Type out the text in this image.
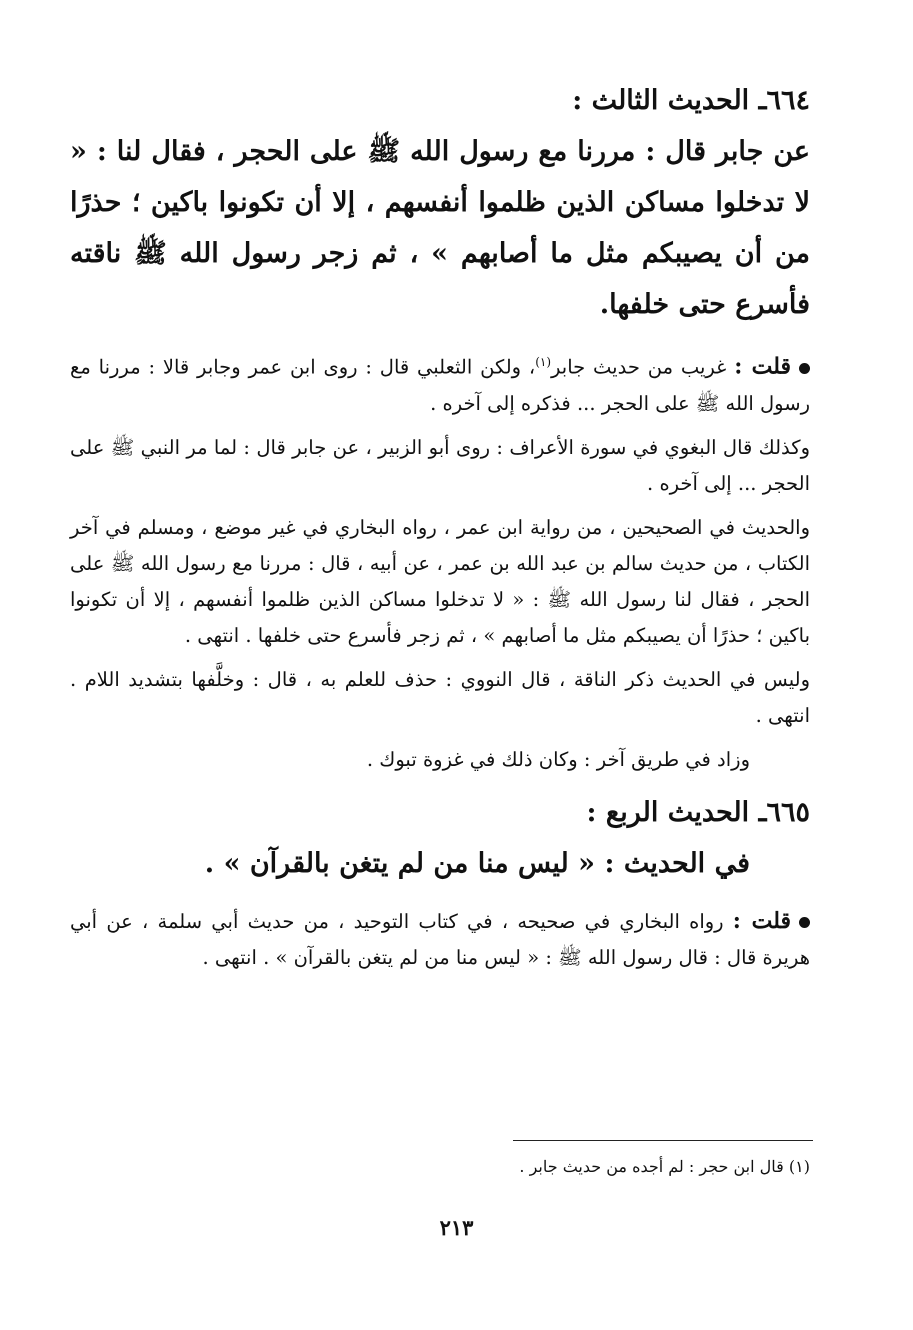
٦٦٤ـ الحديث الثالث :

عن جابر قال : مررنا مع رسول الله ﷺ على الحجر ، فقال لنا : « لا تدخلوا مساكن الذين ظلموا أنفسهم ، إلا أن تكونوا باكين ؛ حذرًا من أن يصيبكم مثل ما أصابهم » ، ثم زجر رسول الله ﷺ ناقته فأسرع حتى خلفها.

قلت : غريب من حديث جابر$^{(١)}$، ولكن الثعلبي قال : روى ابن عمر وجابر قالا : مررنا مع رسول الله ﷺ على الحجر ... فذكره إلى آخره .

وكذلك قال البغوي في سورة الأعراف : روى أبو الزبير ، عن جابر قال : لما مر النبي ﷺ على الحجر ... إلى آخره .

والحديث في الصحيحين ، من رواية ابن عمر ، رواه البخاري في غير موضع ، ومسلم في آخر الكتاب ، من حديث سالم بن عبد الله بن عمر ، عن أبيه ، قال : مررنا مع رسول الله ﷺ على الحجر ، فقال لنا رسول الله ﷺ : « لا تدخلوا مساكن الذين ظلموا أنفسهم ، إلا أن تكونوا باكين ؛ حذرًا أن يصيبكم مثل ما أصابهم » ، ثم زجر فأسرع حتى خلفها . انتهى .

وليس في الحديث ذكر الناقة ، قال النووي : حذف للعلم به ، قال : وخلَّفها بتشديد اللام . انتهى .

وزاد في طريق آخر : وكان ذلك في غزوة تبوك .

٦٦٥ـ الحديث الربع :

في الحديث : « ليس منا من لم يتغن بالقرآن » .

قلت : رواه البخاري في صحيحه ، في كتاب التوحيد ، من حديث أبي سلمة ، عن أبي هريرة قال : قال رسول الله ﷺ : « ليس منا من لم يتغن بالقرآن » . انتهى .

(١) قال ابن حجر : لم أجده من حديث جابر .
٢١٣
